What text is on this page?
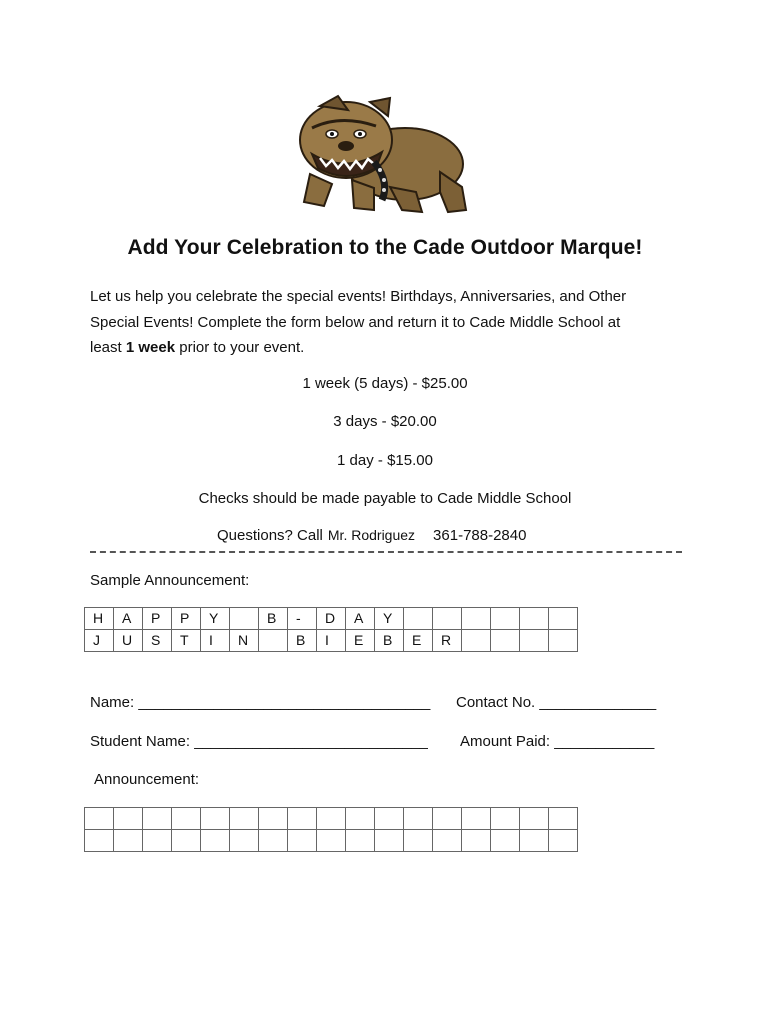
Add Your Celebration to the Cade Outdoor Marque!
Let us help you celebrate the special events! Birthdays, Anniversaries, and Other
Special Events! Complete the form below and return it to Cade Middle School at
least 1 week prior to your event.
1 week (5 days) - $25.00
3 days - $20.00
1 day - $15.00
Checks should be made payable to Cade Middle School
Questions? Call Mr. Rodriguez 361-788-2840
Sample Announcement:
H	A	P	P	Y		B	-	D	A	Y						
J	U	S	T	I	N		B	I	E	B	E	R				
Name: ___________________________________ Contact No. ______________
Student Name: ____________________________ Amount Paid: ____________
Announcement:
